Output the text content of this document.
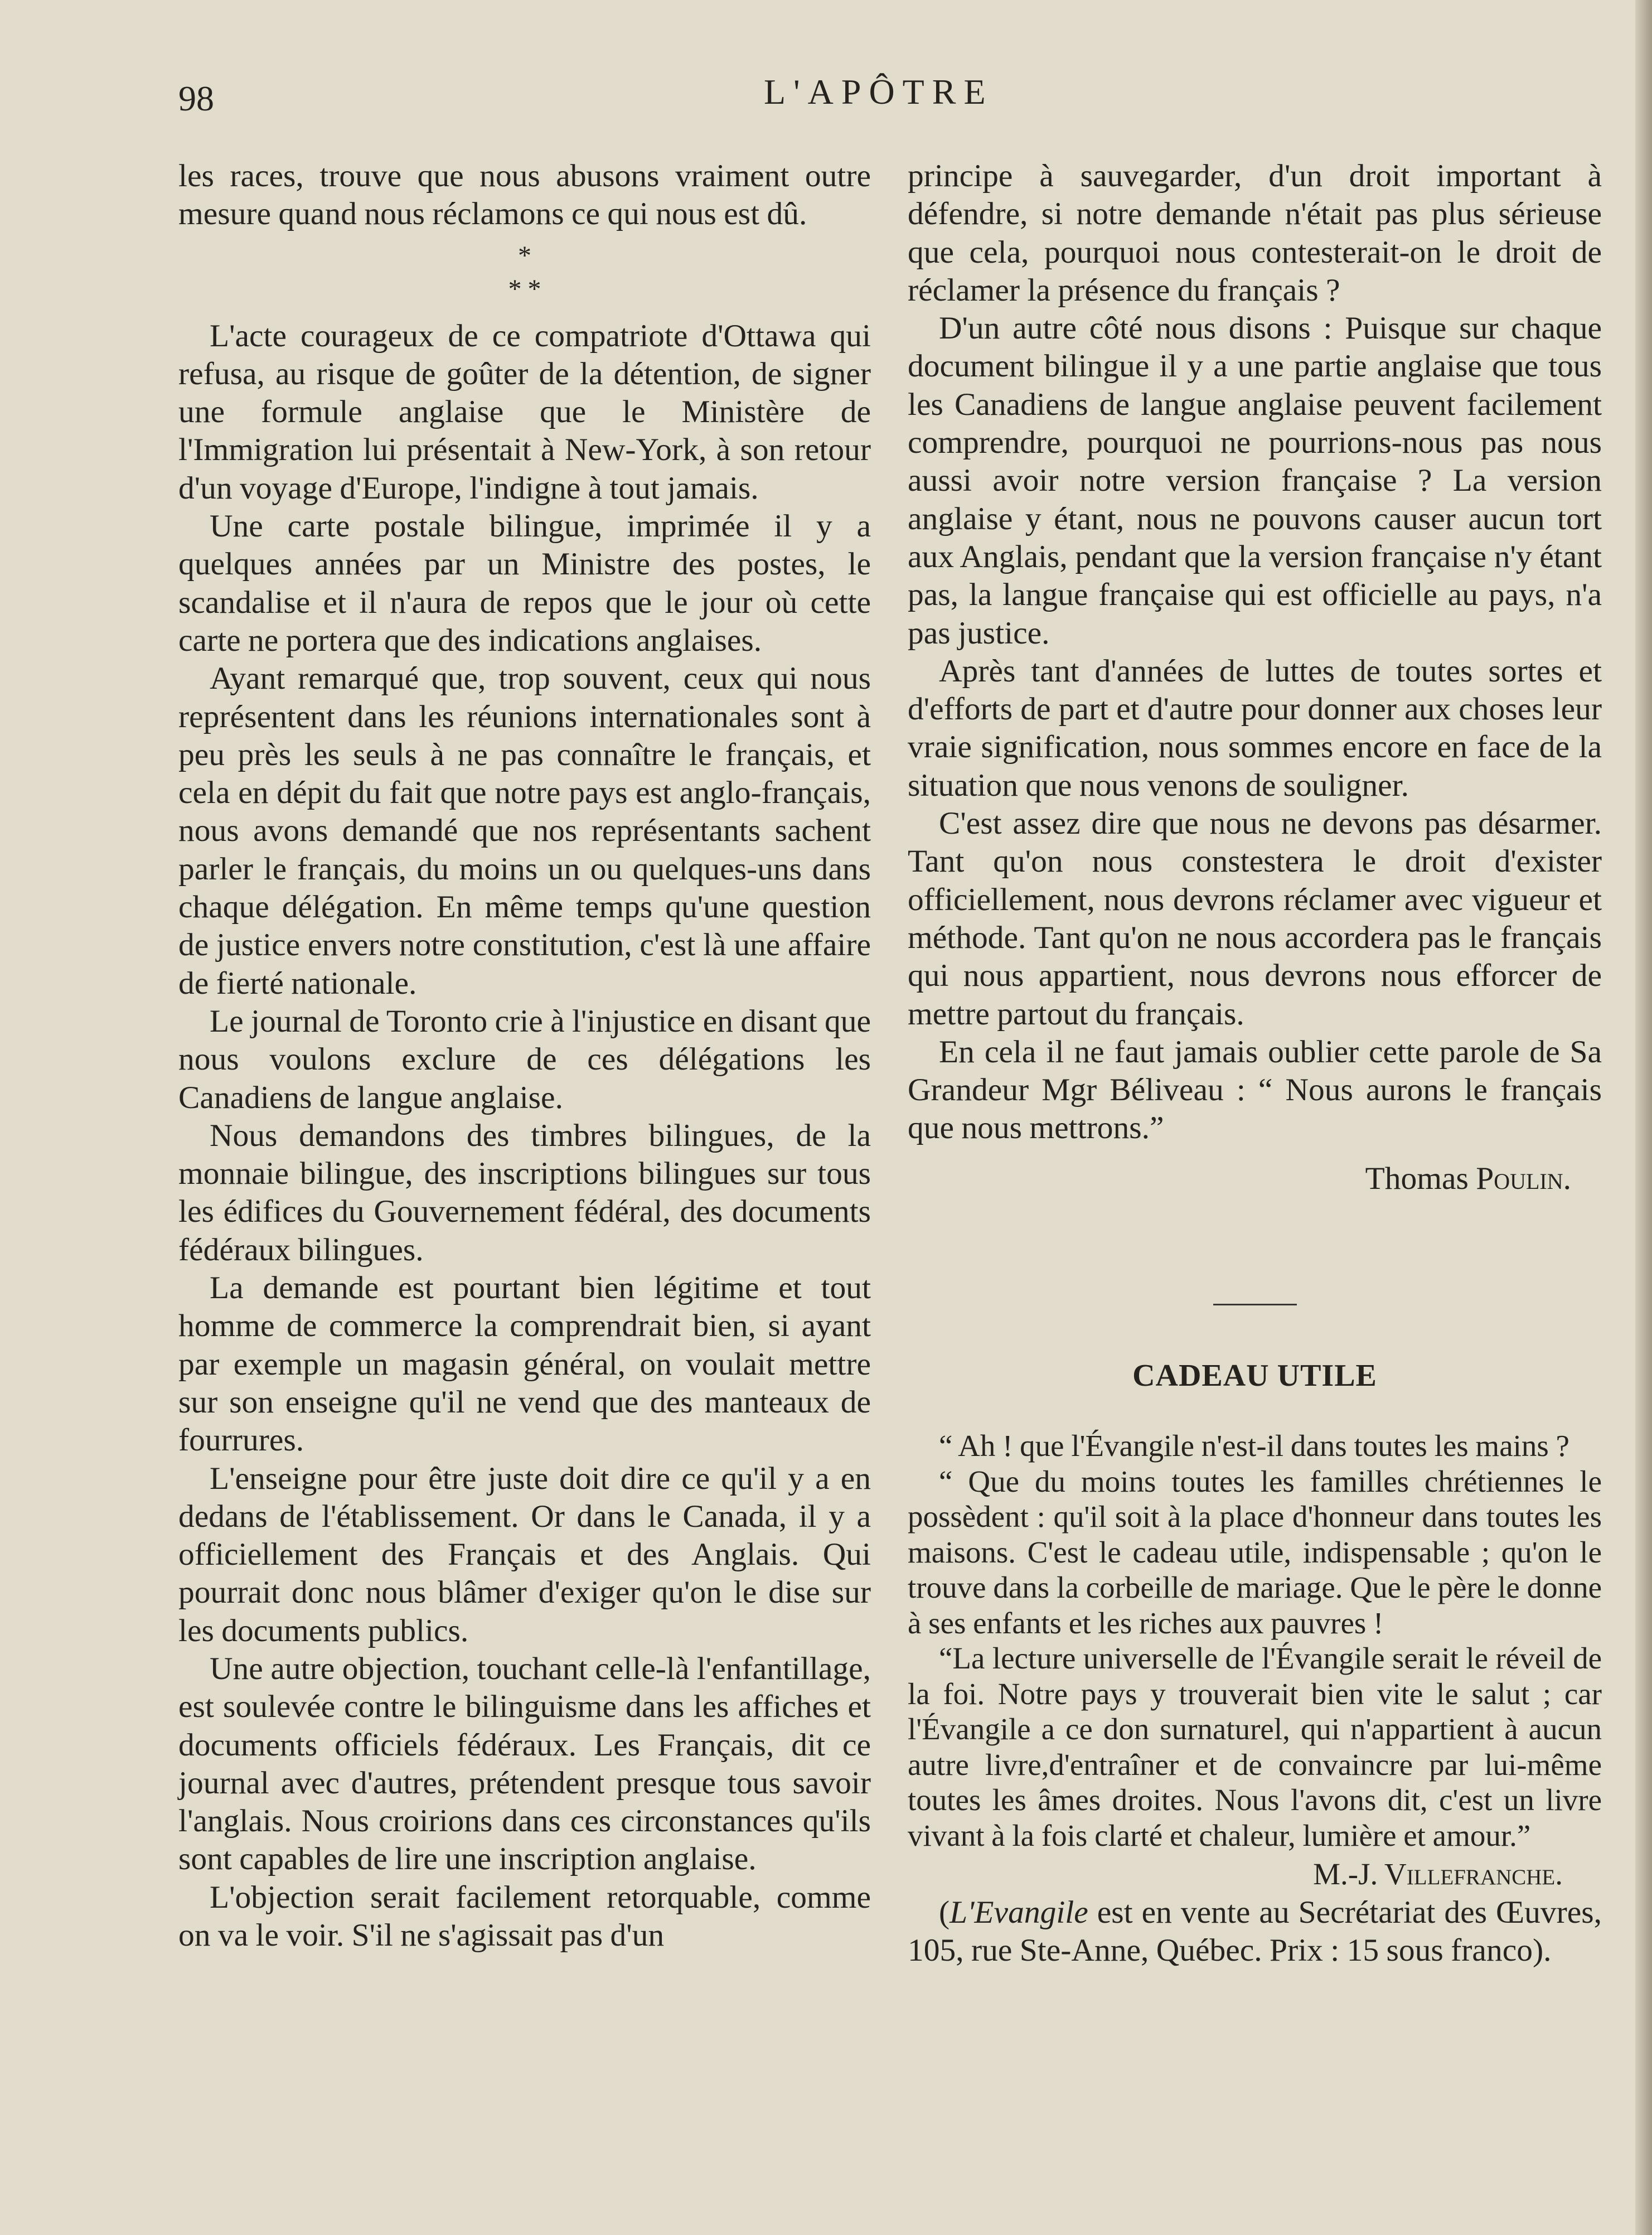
98	L'APÔTRE

les races, trouve que nous abusons vraiment outre mesure quand nous réclamons ce qui nous est dû.

*
* *

L'acte courageux de ce compatriote d'Ottawa qui refusa, au risque de goûter de la détention, de signer une formule anglaise que le Ministère de l'Immigration lui présentait à New-York, à son retour d'un voyage d'Europe, l'indigne à tout jamais.

Une carte postale bilingue, imprimée il y a quelques années par un Ministre des postes, le scandalise et il n'aura de repos que le jour où cette carte ne portera que des indications anglaises.

Ayant remarqué que, trop souvent, ceux qui nous représentent dans les réunions internationales sont à peu près les seuls à ne pas connaître le français, et cela en dépit du fait que notre pays est anglo-français, nous avons demandé que nos représentants sachent parler le français, du moins un ou quelques-uns dans chaque délégation. En même temps qu'une question de justice envers notre constitution, c'est là une affaire de fierté nationale.

Le journal de Toronto crie à l'injustice en disant que nous voulons exclure de ces délégations les Canadiens de langue anglaise.

Nous demandons des timbres bilingues, de la monnaie bilingue, des inscriptions bilingues sur tous les édifices du Gouvernement fédéral, des documents fédéraux bilingues.

La demande est pourtant bien légitime et tout homme de commerce la comprendrait bien, si ayant par exemple un magasin général, on voulait mettre sur son enseigne qu'il ne vend que des manteaux de fourrures.

L'enseigne pour être juste doit dire ce qu'il y a en dedans de l'établissement. Or dans le Canada, il y a officiellement des Français et des Anglais. Qui pourrait donc nous blâmer d'exiger qu'on le dise sur les documents publics.

Une autre objection, touchant celle-là l'enfantillage, est soulevée contre le bilinguisme dans les affiches et documents officiels fédéraux. Les Français, dit ce journal avec d'autres, prétendent presque tous savoir l'anglais. Nous croirions dans ces circonstances qu'ils sont capables de lire une inscription anglaise.

L'objection serait facilement retorquable, comme on va le voir. S'il ne s'agissait pas d'un

principe à sauvegarder, d'un droit important à défendre, si notre demande n'était pas plus sérieuse que cela, pourquoi nous contesterait-on le droit de réclamer la présence du français ?

D'un autre côté nous disons : Puisque sur chaque document bilingue il y a une partie anglaise que tous les Canadiens de langue anglaise peuvent facilement comprendre, pourquoi ne pourrions-nous pas nous aussi avoir notre version française ? La version anglaise y étant, nous ne pouvons causer aucun tort aux Anglais, pendant que la version française n'y étant pas, la langue française qui est officielle au pays, n'a pas justice.

Après tant d'années de luttes de toutes sortes et d'efforts de part et d'autre pour donner aux choses leur vraie signification, nous sommes encore en face de la situation que nous venons de souligner.

C'est assez dire que nous ne devons pas désarmer. Tant qu'on nous constestera le droit d'exister officiellement, nous devrons réclamer avec vigueur et méthode. Tant qu'on ne nous accordera pas le français qui nous appartient, nous devrons nous efforcer de mettre partout du français.

En cela il ne faut jamais oublier cette parole de Sa Grandeur Mgr Béliveau : “ Nous aurons le français que nous mettrons.”

Thomas Poulin.
CADEAU UTILE

“ Ah ! que l'Évangile n'est-il dans toutes les mains ?

“ Que du moins toutes les familles chrétiennes le possèdent : qu'il soit à la place d'honneur dans toutes les maisons. C'est le cadeau utile, indispensable ; qu'on le trouve dans la corbeille de mariage. Que le père le donne à ses enfants et les riches aux pauvres !

“La lecture universelle de l'Évangile serait le réveil de la foi. Notre pays y trouverait bien vite le salut ; car l'Évangile a ce don surnaturel, qui n'appartient à aucun autre livre,d'entraîner et de convaincre par lui-même toutes les âmes droites. Nous l'avons dit, c'est un livre vivant à la fois clarté et chaleur, lumière et amour.”

M.-J. Villefranche.

(L'Evangile est en vente au Secrétariat des Œuvres, 105, rue Ste-Anne, Québec. Prix : 15 sous franco).
